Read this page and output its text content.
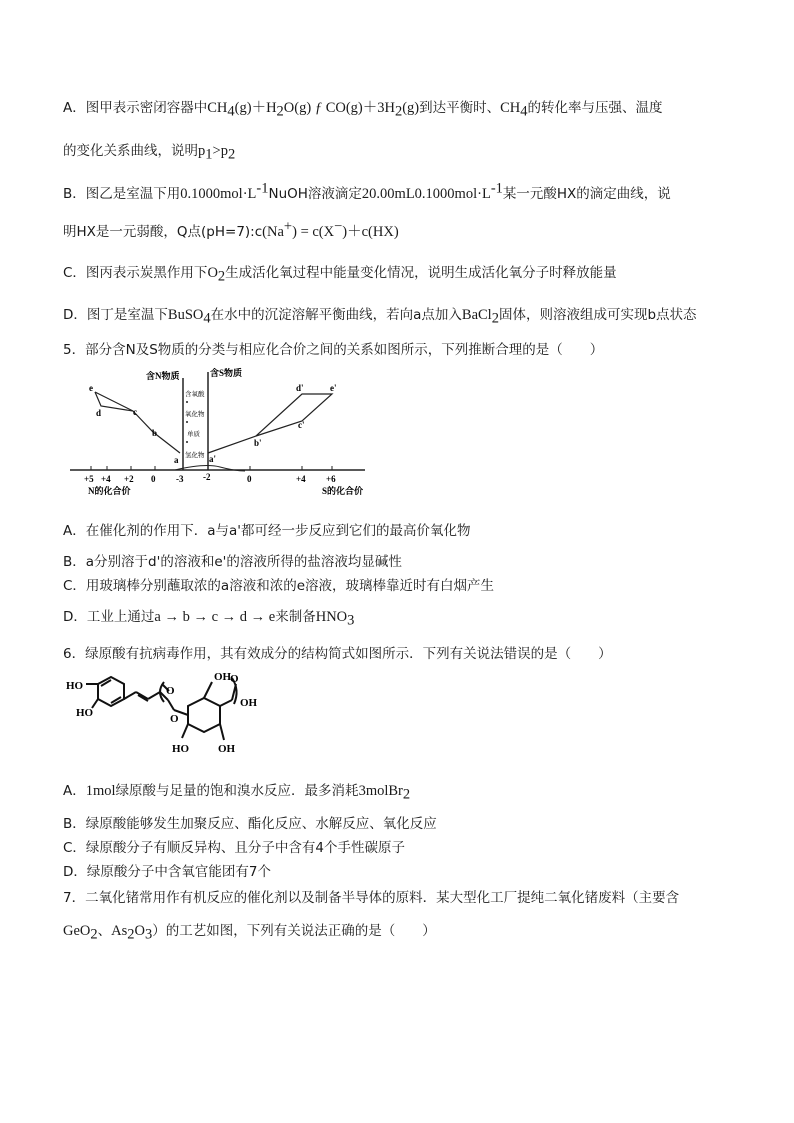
A．图甲表示密闭容器中$CH_4(g)+H_2O(g)$ ƒ $CO(g)+3H_2(g)$到达平衡时、$CH_4$的转化率与压强、温度
的变化关系曲线，说明$p_1>p_2$
B．图乙是室温下用$0.1000mol\cdot L^{-1}NuOH$溶液滴定$20.00mL0.1000mol\cdot L^{-1}$某一元酸HX的滴定曲线，说
明HX是一元弱酸，Q点(pH=7):c(Na+) = c(X−)＋c(HX)
C．图丙表示炭黑作用下$O_2$生成活化氧过程中能量变化情况，说明生成活化氧分子时释放能量
D．图丁是室温下BuSO$_4$在水中的沉淀溶解平衡曲线，若向a点加入BaCl$_2$固体，则溶液组成可实现b点状态
5．部分含N及S物质的分类与相应化合价之间的关系如图所示，下列推断合理的是（　　）
含N物质	含S物质
含氧酸
氧化物
单质
氢化物
e
d	c
b
a	a'
b'
c'
d'	e'
+5 +4 +2 0 -3 -2	0	+4 +6
N的化合价	S的化合价
A．在催化剂的作用下．a与a'都可经一步反应到它们的最高价氧化物
B．a分别溶于d'的溶液和e'的溶液所得的盐溶液均显碱性
C．用玻璃棒分别蘸取浓的a溶液和浓的e溶液，玻璃棒靠近时有白烟产生
D．工业上通过a → b → c → d → e来制备$HNO_3$
6．绿原酸有抗病毒作用，其有效成分的结构简式如图所示．下列有关说法错误的是（　　）
HO
HO
O
O
OH
HO	OH
OH
O
A．1mol绿原酸与足量的饱和溴水反应．最多消耗3molBr$_2$
B．绿原酸能够发生加聚反应、酯化反应、水解反应、氧化反应
C．绿原酸分子有顺反异构、且分子中含有4个手性碳原子
D．绿原酸分子中含氧官能团有7个
7．二氧化锗常用作有机反应的催化剂以及制备半导体的原料．某大型化工厂提纯二氧化锗废料（主要含
GeO$_2$、$As_2O_3$）的工艺如图，下列有关说法正确的是（　　）
